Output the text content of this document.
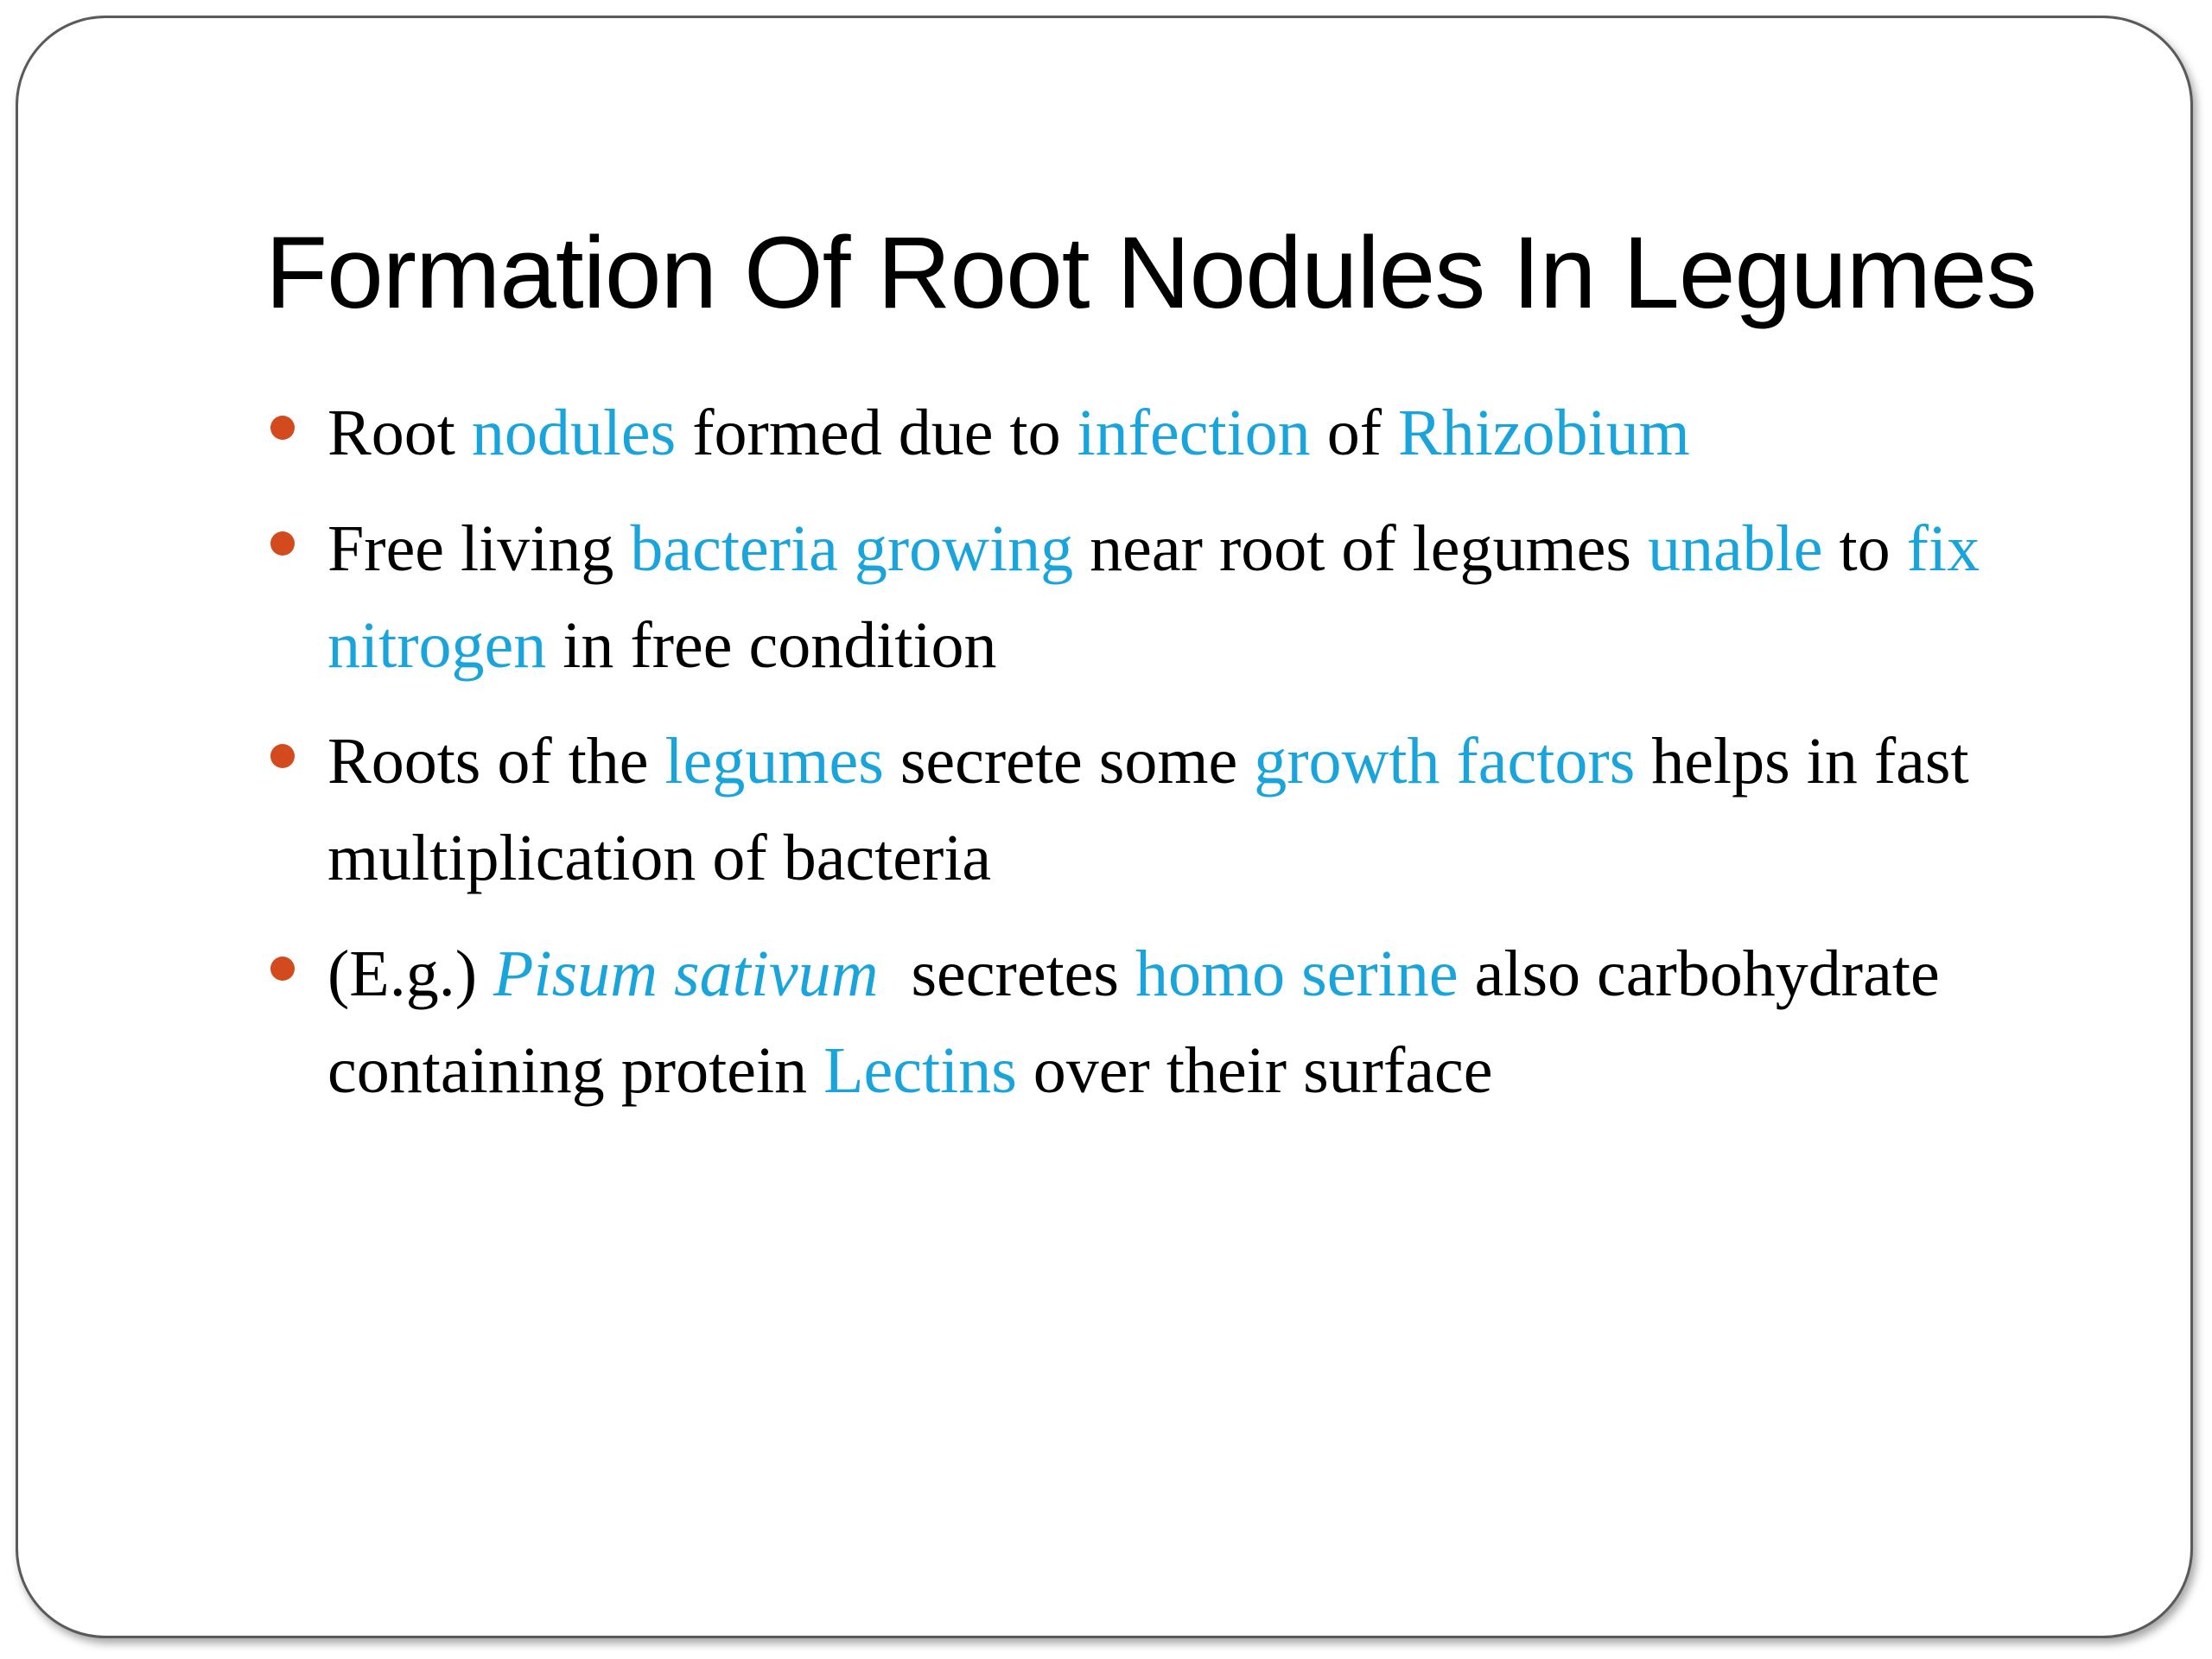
Formation Of Root Nodules In Legumes
Root nodules formed due to infection of Rhizobium
Free living bacteria growing near root of legumes unable to fix nitrogen in free condition
Roots of the legumes secrete some growth factors helps in fast multiplication of bacteria
(E.g.) Pisum sativum  secretes homo serine also carbohydrate containing protein Lectins over their surface
